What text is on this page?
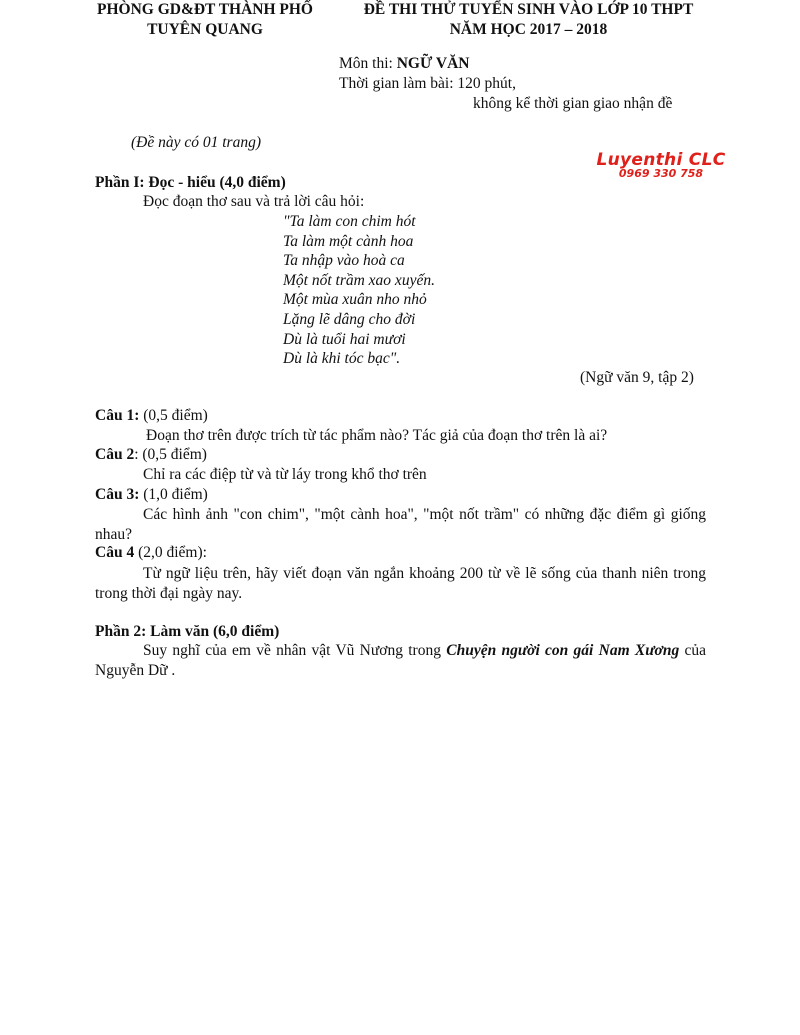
PHÒNG GD&ĐT THÀNH PHỐ
TUYÊN QUANG
ĐỀ THI THỬ TUYỂN SINH VÀO LỚP 10 THPT
NĂM HỌC 2017 – 2018
Môn thi: NGỮ VĂN
Thời gian làm bài: 120 phút,
không kể thời gian giao nhận đề
(Đề này có 01 trang)
Luyenthi CLC
0969 330 758
Phần I: Đọc - hiểu (4,0 điểm)
Đọc đoạn thơ sau và trả lời câu hỏi:
"Ta làm con chim hót
Ta làm một cành hoa
Ta nhập vào hoà ca
Một nốt trầm xao xuyến.
Một mùa xuân nho nhỏ
Lặng lẽ dâng cho đời
Dù là tuổi hai mươi
Dù là khi tóc bạc".
(Ngữ văn 9, tập 2)
Câu 1: (0,5 điểm)
Đoạn thơ trên được trích từ tác phẩm nào? Tác giả của đoạn thơ trên là ai?
Câu 2: (0,5 điểm)
Chỉ ra các điệp từ và từ láy trong khổ thơ trên
Câu 3: (1,0 điểm)
Các hình ảnh "con chim", "một cành hoa", "một nốt trầm" có những đặc điểm gì giống nhau?
Câu 4 (2,0 điểm):
Từ ngữ liệu trên, hãy viết đoạn văn ngắn khoảng 200 từ về lẽ sống của thanh niên trong trong thời đại ngày nay.
Phần 2: Làm văn (6,0 điểm)
Suy nghĩ của em về nhân vật Vũ Nương trong Chuyện người con gái Nam Xương của Nguyễn Dữ .
